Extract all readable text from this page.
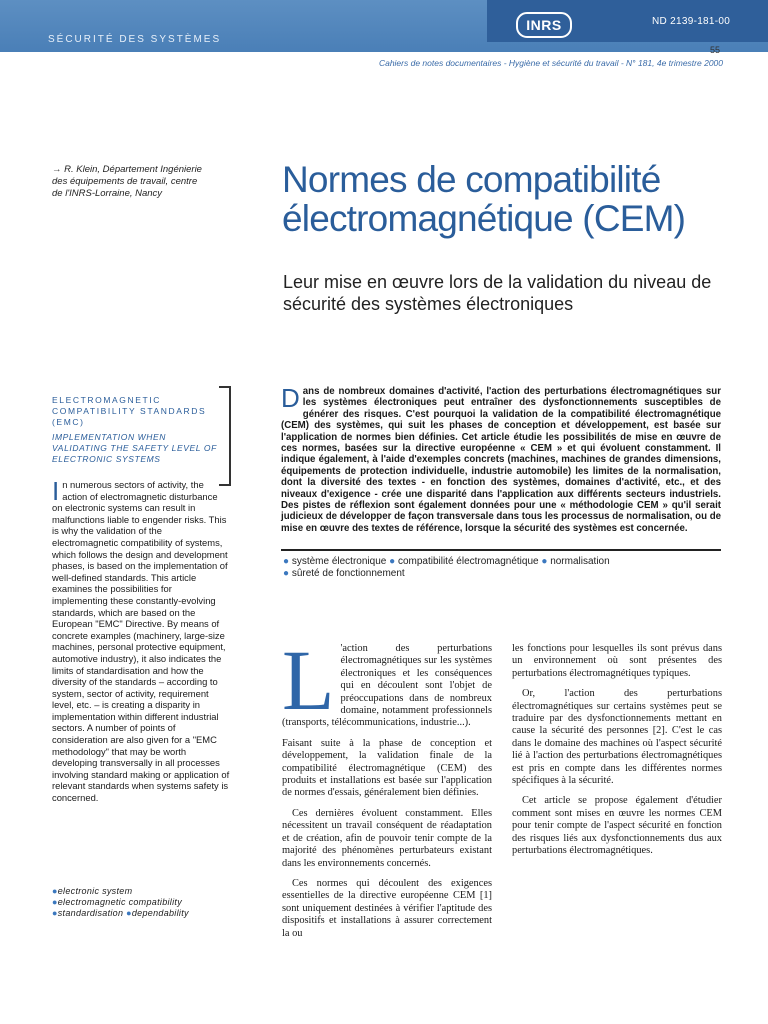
SÉCURITÉ DES SYSTÈMES
INRS	ND 2139-181-00
55
Cahiers de notes documentaires - Hygiène et sécurité du travail - N° 181, 4e trimestre 2000
→ R. Klein, Département Ingénierie des équipements de travail, centre de l'INRS-Lorraine, Nancy	Normes de compatibilité électromagnétique (CEM)
Leur mise en œuvre lors de la validation du niveau de sécurité des systèmes électroniques
ELECTROMAGNETIC COMPATIBILITY STANDARDS (EMC)
IMPLEMENTATION WHEN VALIDATING THE SAFETY LEVEL OF ELECTRONIC SYSTEMS

In numerous sectors of activity, the action of electromagnetic disturbance on electronic systems can result in malfunctions liable to engender risks. This is why the validation of the electromagnetic compatibility of systems, which follows the design and development phases, is based on the implementation of well-defined standards. This article examines the possibilities for implementing these constantly-evolving standards, which are based on the European "EMC" Directive. By means of concrete examples (machinery, large-size machines, personal protective equipment, automotive industry), it also indicates the limits of standardisation and how the diversity of the standards – according to system, sector of activity, requirement level, etc. – is creating a disparity in implementation within different industrial sectors. A number of points of consideration are also given for a "EMC methodology" that may be worth developing transversally in all processes involving standard making or application of relevant standards when systems safety is concerned.

●electronic system
●electromagnetic compatibility
●standardisation ●dependability

Dans de nombreux domaines d'activité, l'action des perturbations électromagnétiques sur les systèmes électroniques peut entraîner des dysfonctionnements susceptibles de générer des risques. C'est pourquoi la validation de la compatibilité électromagnétique (CEM) des systèmes, qui suit les phases de conception et développement, est basée sur l'application de normes bien définies. Cet article étudie les possibilités de mise en œuvre de ces normes, basées sur la directive européenne « CEM » et qui évoluent constamment. Il indique également, à l'aide d'exemples concrets (machines, machines de grandes dimensions, équipements de protection individuelle, industrie automobile) les limites de la normalisation, dont la diversité des textes - en fonction des systèmes, domaines d'activité, etc., et des niveaux d'exigence - crée une disparité dans l'application aux différents secteurs industriels. Des pistes de réflexion sont également données pour une « méthodologie CEM » qu'il serait judicieux de développer de façon transversale dans tous les processus de normalisation, ou de mise en œuvre des textes de référence, lorsque la sécurité des systèmes est concernée.

● système électronique ● compatibilité électromagnétique ● normalisation
● sûreté de fonctionnement

L 'action des perturbations électromagnétiques sur les systèmes électroniques et les conséquences qui en découlent sont l'objet de préoccupations dans de nombreux domaine, notamment professionnels (transports, télécommunications, industrie...).

Faisant suite à la phase de conception et développement, la validation finale de la compatibilité électromagnétique (CEM) des produits et installations est basée sur l'application de normes d'essais, généralement bien définies.

Ces dernières évoluent constamment. Elles nécessitent un travail conséquent de réadaptation et de création, afin de pouvoir tenir compte de la majorité des phénomènes perturbateurs existant dans les environnements concernés.

Ces normes qui découlent des exigences essentielles de la directive européenne CEM [1] sont uniquement destinées à vérifier l'aptitude des dispositifs et installations à assurer correctement la ou

les fonctions pour lesquelles ils sont prévus dans un environnement où sont présentes des perturbations électromagnétiques typiques.

Or, l'action des perturbations électromagnétiques sur certains systèmes peut se traduire par des dysfonctionnements mettant en cause la sécurité des personnes [2]. C'est le cas dans le domaine des machines où l'aspect sécurité lié à l'action des perturbations électromagnétiques est pris en compte dans les différentes normes spécifiques à la sécurité.

Cet article se propose également d'étudier comment sont mises en œuvre les normes CEM pour tenir compte de l'aspect sécurité en fonction des risques liés aux dysfonctionnements dus aux perturbations électromagnétiques.
